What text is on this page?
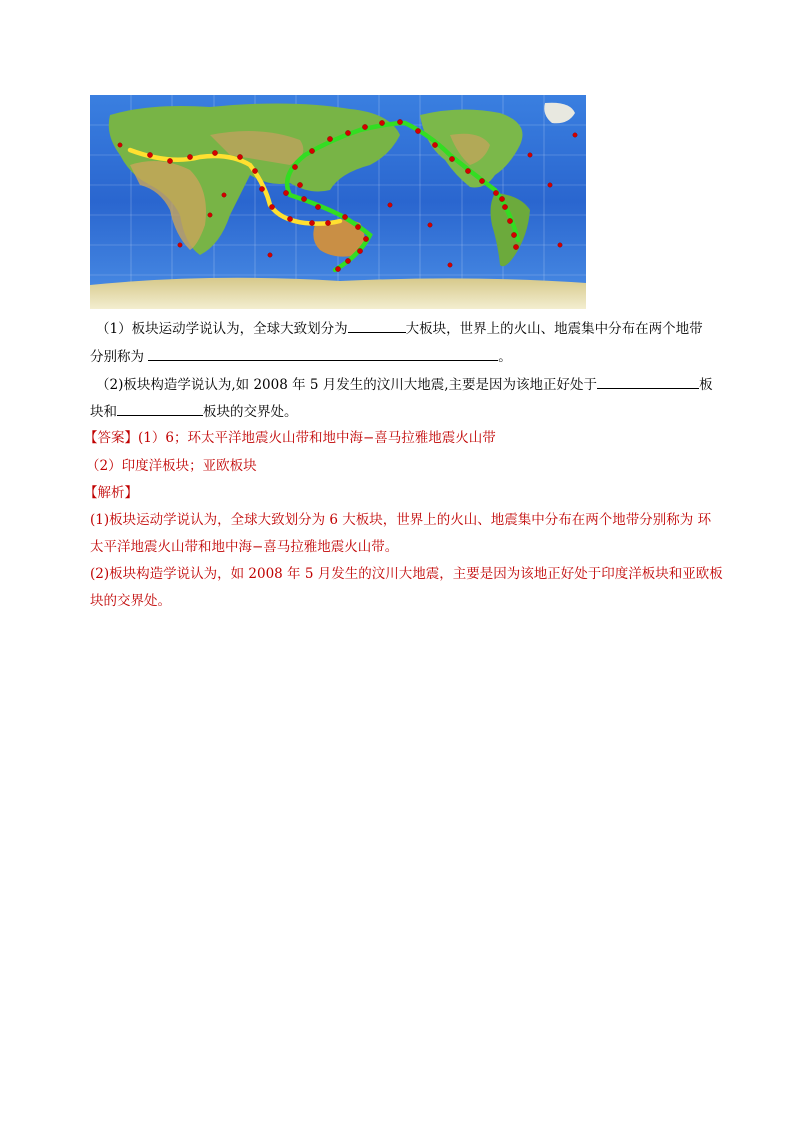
（1）板块运动学说认为，全球大致划分为	大板块，世界上的火山、地震集中分布在两个地带
分别称为	。
（2)板块构造学说认为,如 2008 年 5 月发生的汶川大地震,主要是因为该地正好处于	板
块和	板块的交界处。
【答案】(1）6；环太平洋地震火山带和地中海−喜马拉雅地震火山带
（2）印度洋板块；亚欧板块
【解析】
(1)板块运动学说认为，全球大致划分为 6 大板块，世界上的火山、地震集中分布在两个地带分别称为 环
太平洋地震火山带和地中海−喜马拉雅地震火山带。
(2)板块构造学说认为，如 2008 年 5 月发生的汶川大地震，主要是因为该地正好处于印度洋板块和亚欧板
块的交界处。
